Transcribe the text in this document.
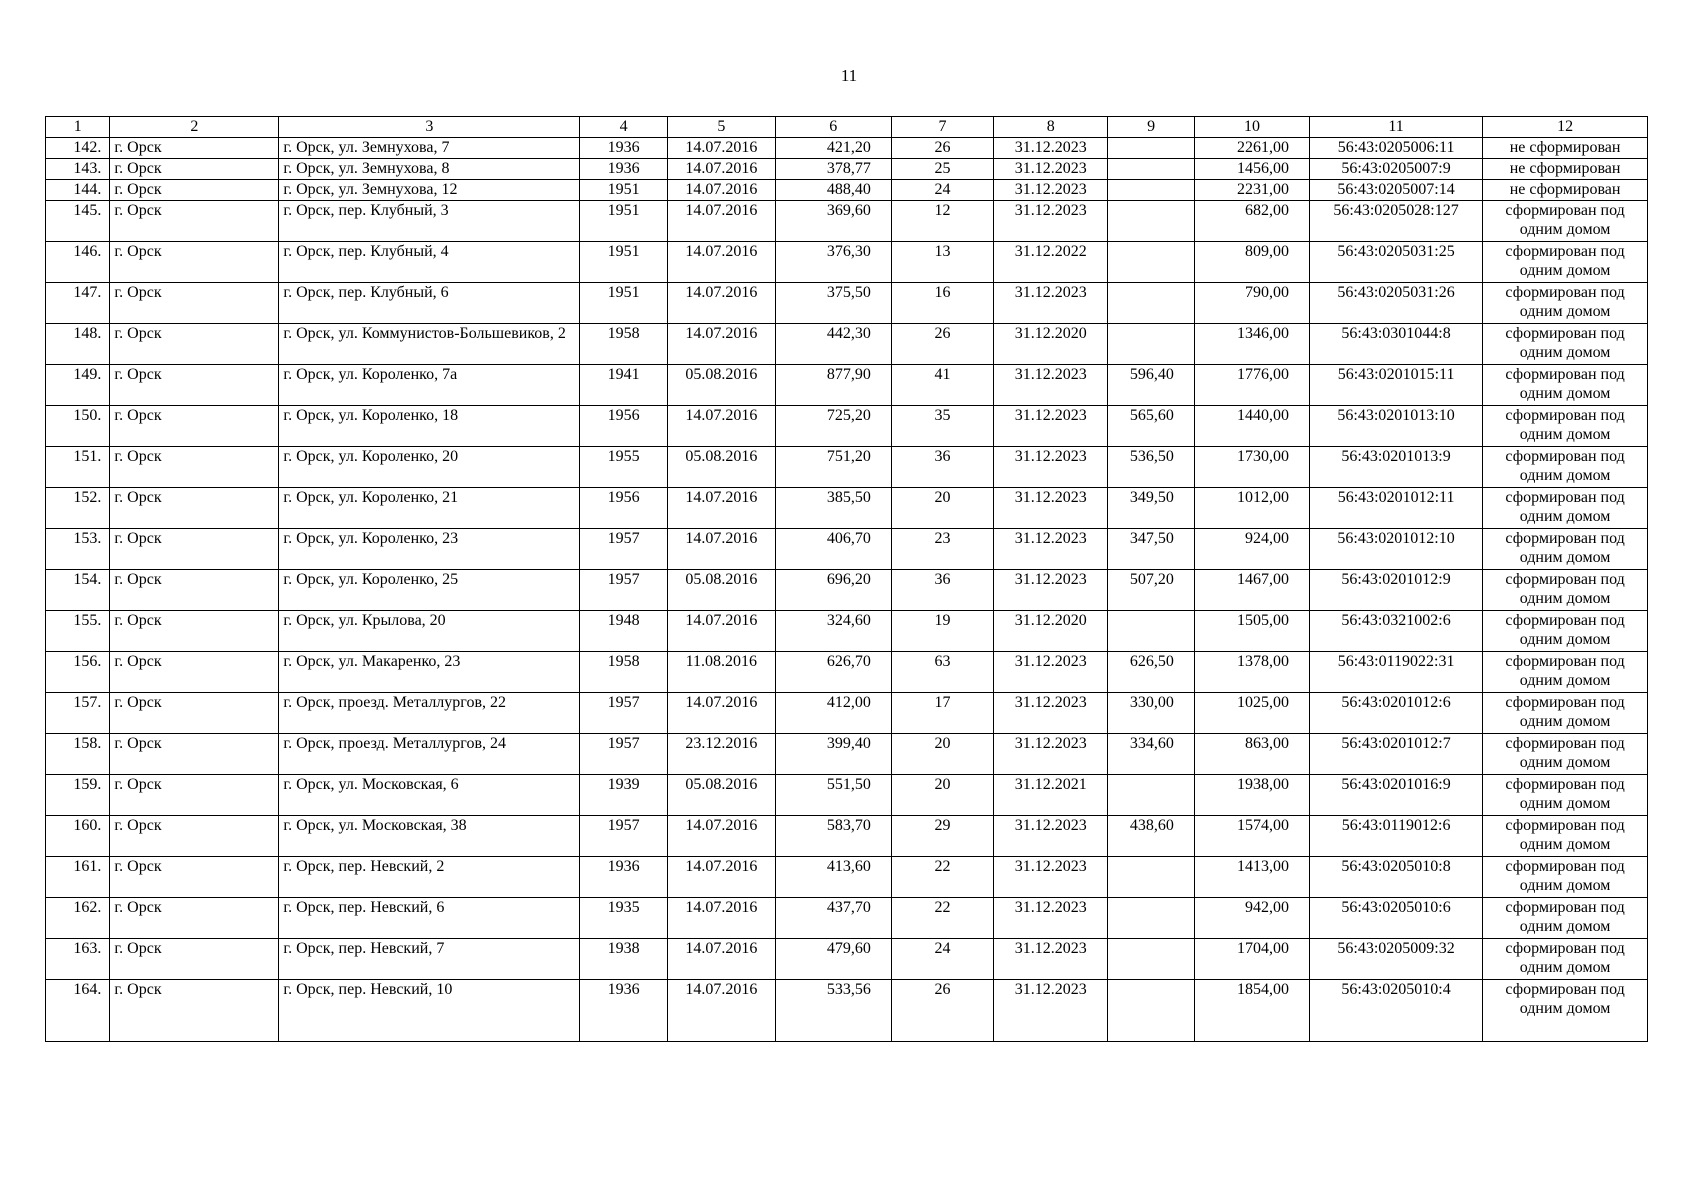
11
1	2	3	4	5	6	7	8	9	10	11	12
142.	г. Орск	г. Орск, ул. Земнухова, 7	1936	14.07.2016	421,20	26	31.12.2023		2261,00	56:43:0205006:11	не сформирован
143.	г. Орск	г. Орск, ул. Земнухова, 8	1936	14.07.2016	378,77	25	31.12.2023		1456,00	56:43:0205007:9	не сформирован
144.	г. Орск	г. Орск, ул. Земнухова, 12	1951	14.07.2016	488,40	24	31.12.2023		2231,00	56:43:0205007:14	не сформирован
145.	г. Орск	г. Орск, пер. Клубный, 3	1951	14.07.2016	369,60	12	31.12.2023		682,00	56:43:0205028:127	сформирован под одним домом
146.	г. Орск	г. Орск, пер. Клубный, 4	1951	14.07.2016	376,30	13	31.12.2022		809,00	56:43:0205031:25	сформирован под одним домом
147.	г. Орск	г. Орск, пер. Клубный, 6	1951	14.07.2016	375,50	16	31.12.2023		790,00	56:43:0205031:26	сформирован под одним домом
148.	г. Орск	г. Орск, ул. Коммунистов-Большевиков, 2	1958	14.07.2016	442,30	26	31.12.2020		1346,00	56:43:0301044:8	сформирован под одним домом
149.	г. Орск	г. Орск, ул. Короленко, 7а	1941	05.08.2016	877,90	41	31.12.2023	596,40	1776,00	56:43:0201015:11	сформирован под одним домом
150.	г. Орск	г. Орск, ул. Короленко, 18	1956	14.07.2016	725,20	35	31.12.2023	565,60	1440,00	56:43:0201013:10	сформирован под одним домом
151.	г. Орск	г. Орск, ул. Короленко, 20	1955	05.08.2016	751,20	36	31.12.2023	536,50	1730,00	56:43:0201013:9	сформирован под одним домом
152.	г. Орск	г. Орск, ул. Короленко, 21	1956	14.07.2016	385,50	20	31.12.2023	349,50	1012,00	56:43:0201012:11	сформирован под одним домом
153.	г. Орск	г. Орск, ул. Короленко, 23	1957	14.07.2016	406,70	23	31.12.2023	347,50	924,00	56:43:0201012:10	сформирован под одним домом
154.	г. Орск	г. Орск, ул. Короленко, 25	1957	05.08.2016	696,20	36	31.12.2023	507,20	1467,00	56:43:0201012:9	сформирован под одним домом
155.	г. Орск	г. Орск, ул. Крылова, 20	1948	14.07.2016	324,60	19	31.12.2020		1505,00	56:43:0321002:6	сформирован под одним домом
156.	г. Орск	г. Орск, ул. Макаренко, 23	1958	11.08.2016	626,70	63	31.12.2023	626,50	1378,00	56:43:0119022:31	сформирован под одним домом
157.	г. Орск	г. Орск, проезд. Металлургов, 22	1957	14.07.2016	412,00	17	31.12.2023	330,00	1025,00	56:43:0201012:6	сформирован под одним домом
158.	г. Орск	г. Орск, проезд. Металлургов, 24	1957	23.12.2016	399,40	20	31.12.2023	334,60	863,00	56:43:0201012:7	сформирован под одним домом
159.	г. Орск	г. Орск, ул. Московская, 6	1939	05.08.2016	551,50	20	31.12.2021		1938,00	56:43:0201016:9	сформирован под одним домом
160.	г. Орск	г. Орск, ул. Московская, 38	1957	14.07.2016	583,70	29	31.12.2023	438,60	1574,00	56:43:0119012:6	сформирован под одним домом
161.	г. Орск	г. Орск, пер. Невский, 2	1936	14.07.2016	413,60	22	31.12.2023		1413,00	56:43:0205010:8	сформирован под одним домом
162.	г. Орск	г. Орск, пер. Невский, 6	1935	14.07.2016	437,70	22	31.12.2023		942,00	56:43:0205010:6	сформирован под одним домом
163.	г. Орск	г. Орск, пер. Невский, 7	1938	14.07.2016	479,60	24	31.12.2023		1704,00	56:43:0205009:32	сформирован под одним домом
164.	г. Орск	г. Орск, пер. Невский, 10	1936	14.07.2016	533,56	26	31.12.2023		1854,00	56:43:0205010:4	сформирован под одним домом
